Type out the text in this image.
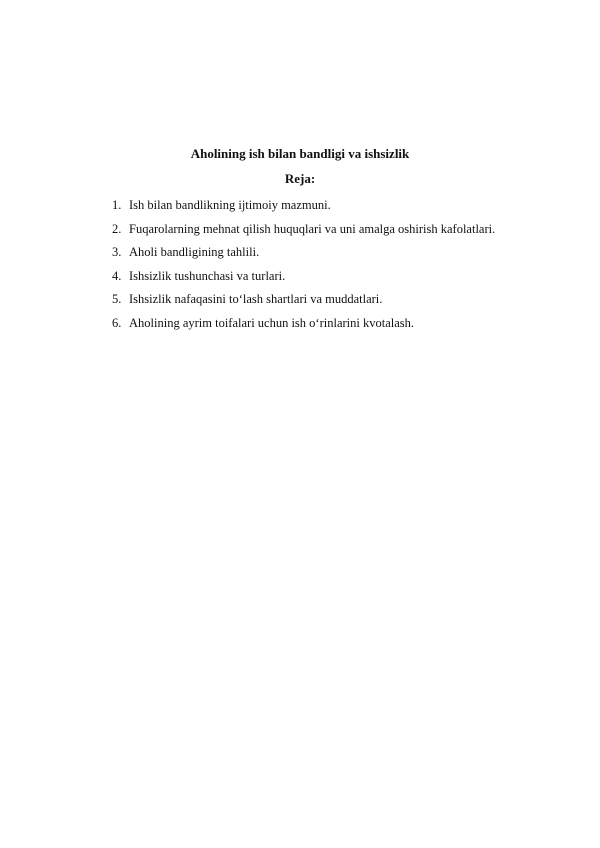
Aholining ish bilan bandligi va ishsizlik
Reja:
1. Ish bilan bandlikning ijtimoiy mazmuni.
2. Fuqarolarning mehnat qilish huquqlari va uni amalga oshirish kafolatlari.
3. Aholi bandligining tahlili.
4. Ishsizlik tushunchasi va turlari.
5. Ishsizlik nafaqasini to‘lash shartlari va muddatlari.
6. Aholining ayrim toifalari uchun ish o‘rinlarini kvotalash.
